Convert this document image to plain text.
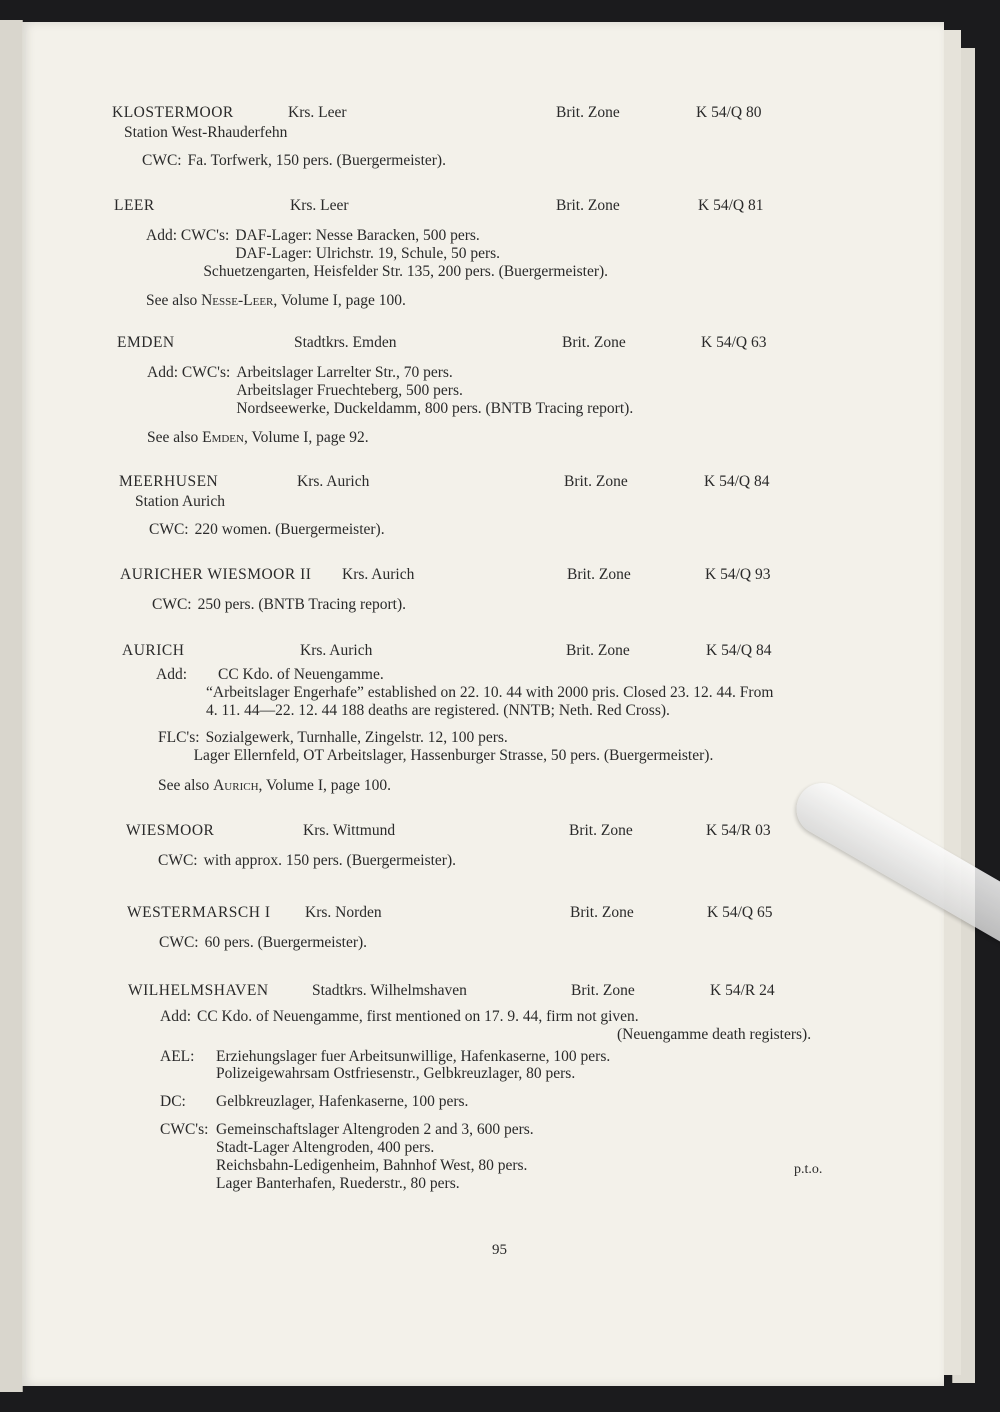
KLOSTERMOOR	Krs. Leer	Brit. Zone	K 54/Q 80
Station West-Rhauderfehn
CWC: Fa. Torfwerk, 150 pers. (Buergermeister).
LEER	Krs. Leer	Brit. Zone	K 54/Q 81
Add: CWC's: DAF-Lager: Nesse Baracken, 500 pers.
DAF-Lager: Ulrichstr. 19, Schule, 50 pers.
Schuetzengarten, Heisfelder Str. 135, 200 pers. (Buergermeister).
See also Nesse-Leer, Volume I, page 100.
EMDEN	Stadtkrs. Emden	Brit. Zone	K 54/Q 63
Add: CWC's: Arbeitslager Larrelter Str., 70 pers.
Arbeitslager Fruechteberg, 500 pers.
Nordseewerke, Duckeldamm, 800 pers. (BNTB Tracing report).
See also Emden, Volume I, page 92.
MEERHUSEN	Krs. Aurich	Brit. Zone	K 54/Q 84
Station Aurich
CWC: 220 women. (Buergermeister).
AURICHER WIESMOOR II Krs. Aurich	Brit. Zone	K 54/Q 93
CWC: 250 pers. (BNTB Tracing report).
AURICH	Krs. Aurich	Brit. Zone	K 54/Q 84
Add:	CC Kdo. of Neuengamme.
“Arbeitslager Engerhafe” established on 22. 10. 44 with 2000 pris. Closed 23. 12. 44. From
4. 11. 44—22. 12. 44 188 deaths are registered. (NNTB; Neth. Red Cross).
FLC's: Sozialgewerk, Turnhalle, Zingelstr. 12, 100 pers.
Lager Ellernfeld, OT Arbeitslager, Hassenburger Strasse, 50 pers. (Buergermeister).
See also Aurich, Volume I, page 100.
WIESMOOR	Krs. Wittmund	Brit. Zone	K 54/R 03
CWC: with approx. 150 pers. (Buergermeister).
WESTERMARSCH I Krs. Norden	Brit. Zone	K 54/Q 65
CWC: 60 pers. (Buergermeister).
WILHELMSHAVEN	Stadtkrs. Wilhelmshaven	Brit. Zone	K 54/R 24
Add: CC Kdo. of Neuengamme, first mentioned on 17. 9. 44, firm not given.
(Neuengamme death registers).
AEL:	Erziehungslager fuer Arbeitsunwillige, Hafenkaserne, 100 pers.
Polizeigewahrsam Ostfriesenstr., Gelbkreuzlager, 80 pers.
DC:	Gelbkreuzlager, Hafenkaserne, 100 pers.
CWC's: Gemeinschaftslager Altengroden 2 and 3, 600 pers.
Stadt-Lager Altengroden, 400 pers.
Reichsbahn-Ledigenheim, Bahnhof West, 80 pers.
Lager Banterhafen, Ruederstr., 80 pers.
p.t.o.
95
